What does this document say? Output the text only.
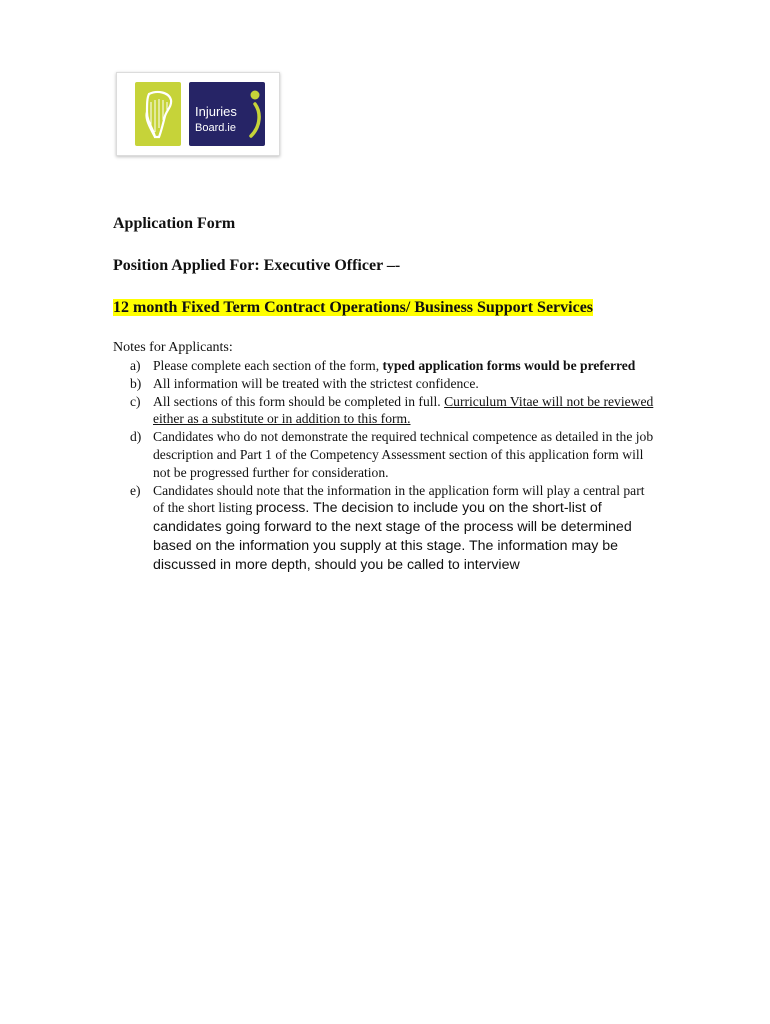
Injuries
Board.ie
Application Form
Position Applied For: Executive Officer –-
12 month Fixed Term Contract Operations/ Business Support Services
Notes for Applicants:
a) Please complete each section of the form, typed application forms would be preferred
b) All information will be treated with the strictest confidence.
c) All sections of this form should be completed in full. Curriculum Vitae will not be reviewed either as a substitute or in addition to this form.
d) Candidates who do not demonstrate the required technical competence as detailed in the job description and Part 1 of the Competency Assessment section of this application form will not be progressed further for consideration.
e) Candidates should note that the information in the application form will play a central part of the short listing process. The decision to include you on the short-list of candidates going forward to the next stage of the process will be determined based on the information you supply at this stage. The information may be discussed in more depth, should you be called to interview
